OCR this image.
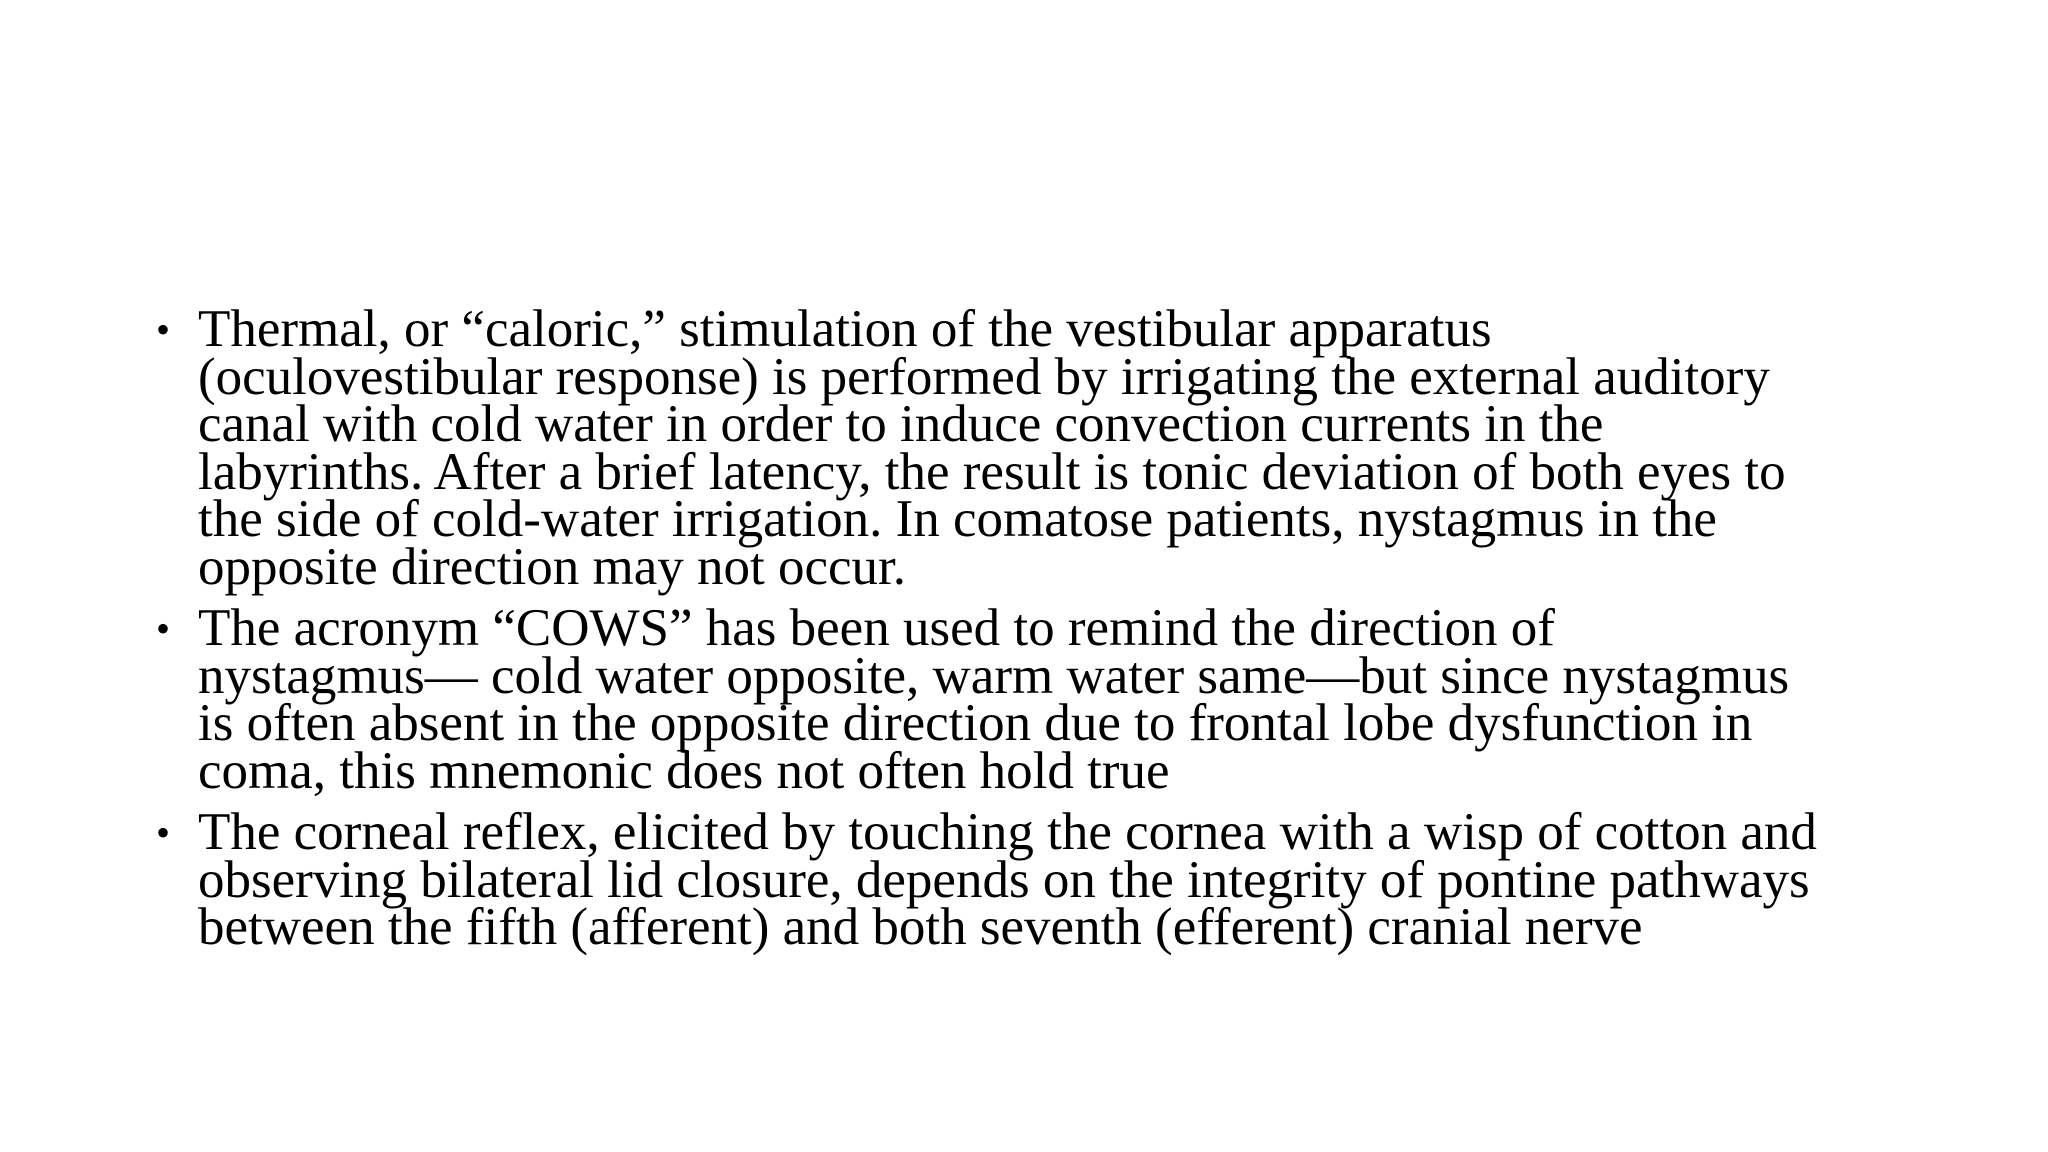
• Thermal, or “caloric,” stimulation of the vestibular apparatus
(oculovestibular response) is performed by irrigating the external auditory
canal with cold water in order to induce convection currents in the
labyrinths. After a brief latency, the result is tonic deviation of both eyes to
the side of cold-water irrigation. In comatose patients, nystagmus in the
opposite direction may not occur.
• The acronym “COWS” has been used to remind the direction of
nystagmus— cold water opposite, warm water same—but since nystagmus
is often absent in the opposite direction due to frontal lobe dysfunction in
coma, this mnemonic does not often hold true
• The corneal reflex, elicited by touching the cornea with a wisp of cotton and
observing bilateral lid closure, depends on the integrity of pontine pathways
between the fifth (afferent) and both seventh (efferent) cranial nerve
